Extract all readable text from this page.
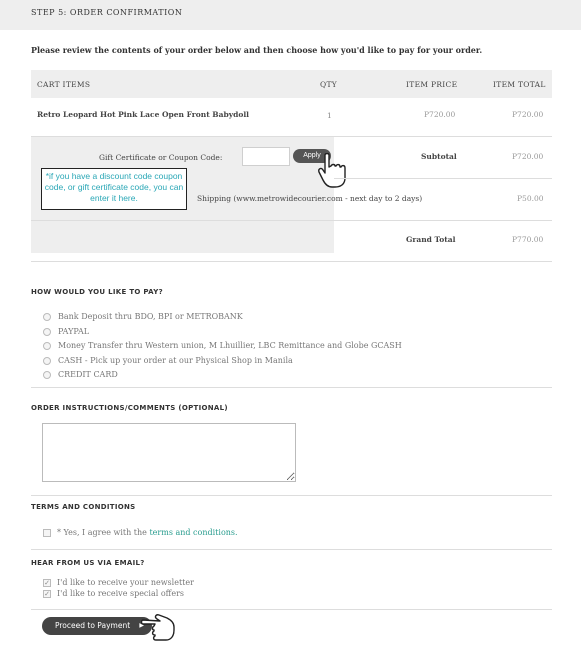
STEP 5: ORDER CONFIRMATION
Please review the contents of your order below and then choose how you'd like to pay for your order.
CART ITEMS	QTY	ITEM PRICE	ITEM TOTAL
Retro Leopard Hot Pink Lace Open Front Babydoll	1	P720.00	P720.00
Gift Certificate or Coupon Code:	Apply
*if you have a discount code coupon code, or gift certificate code, you can enter it here.
Subtotal	P720.00
Shipping (www.metrowidecourier.com - next day to 2 days)	P50.00
Grand Total	P770.00
HOW WOULD YOU LIKE TO PAY?
Bank Deposit thru BDO, BPI or METROBANK
PAYPAL
Money Transfer thru Western union, M Lhuillier, LBC Remittance and Globe GCASH
CASH - Pick up your order at our Physical Shop in Manila
CREDIT CARD
ORDER INSTRUCTIONS/COMMENTS (OPTIONAL)
TERMS AND CONDITIONS
* Yes, I agree with the terms and conditions.
HEAR FROM US VIA EMAIL?
✓ I'd like to receive your newsletter
✓ I'd like to receive special offers
Proceed to Payment ▶
